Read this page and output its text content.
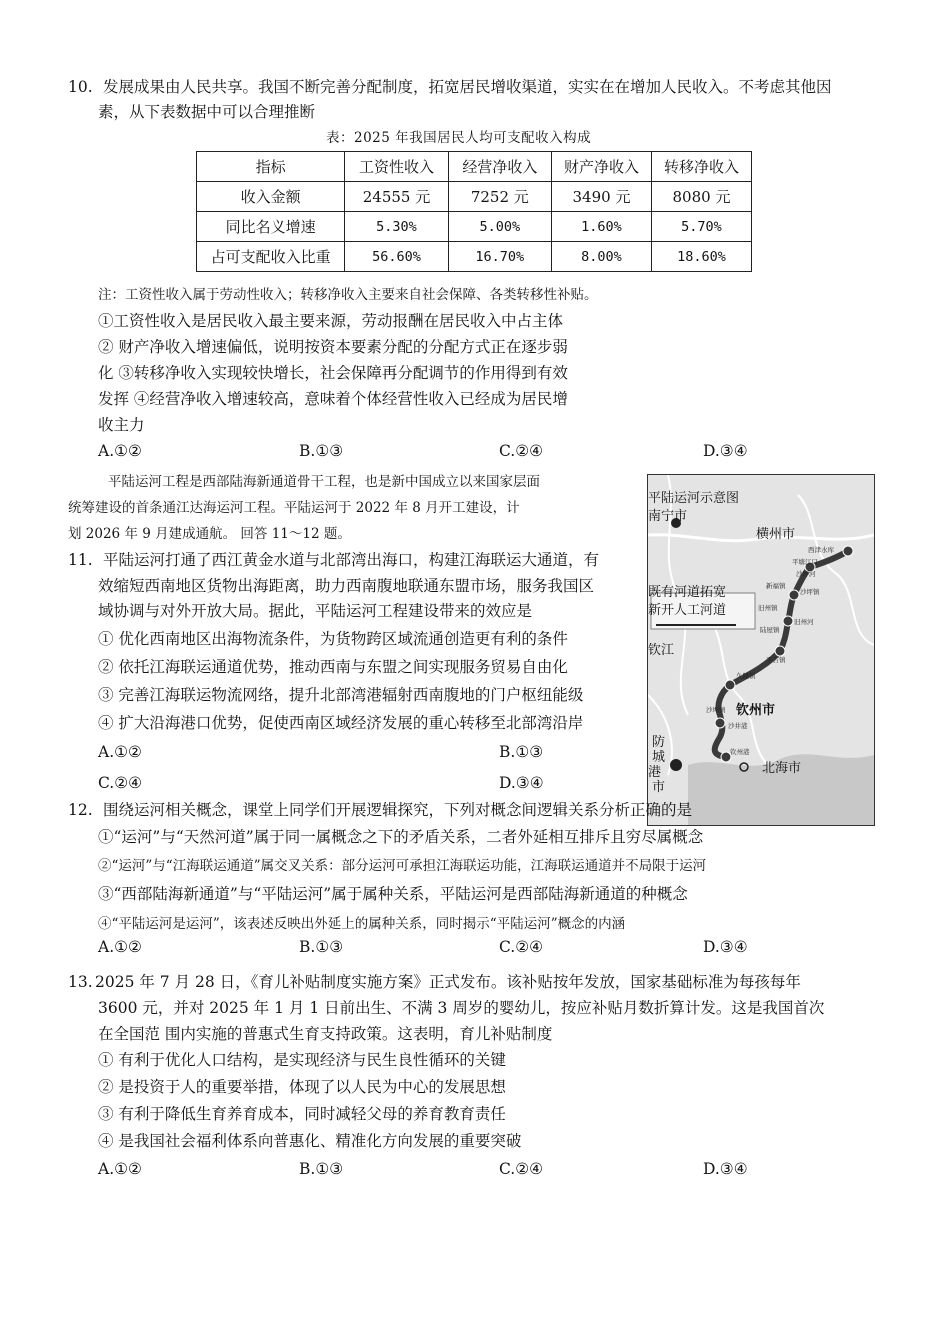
10. 发展成果由人民共享。我国不断完善分配制度，拓宽居民增收渠道，实实在在增加人民收入。不考虑其他因
素，从下表数据中可以合理推断
表：2025 年我国居民人均可支配收入构成
指标	工资性收入	经营净收入	财产净收入	转移净收入
收入金额	24555 元	7252 元	3490 元	8080 元
同比名义增速	5.30%	5.00%	1.60%	5.70%
占可支配收入比重	56.60%	16.70%	8.00%	18.60%
注：工资性收入属于劳动性收入；转移净收入主要来自社会保障、各类转移性补贴。
①工资性收入是居民收入最主要来源，劳动报酬在居民收入中占主体
② 财产净收入增速偏低，说明按资本要素分配的分配方式正在逐步弱
化 ③转移净收入实现较快增长，社会保障再分配调节的作用得到有效
发挥 ④经营净收入增速较高，意味着个体经营性收入已经成为居民增
收主力
A.①②	B.①③	C.②④	D.③④
平陆运河工程是西部陆海新通道骨干工程，也是新中国成立以来国家层面
统筹建设的首条通江达海运河工程。平陆运河于 2022 年 8 月开工建设，计
划 2026 年 9 月建成通航。 回答 11～12 题。
平陆运河示意图
南宁市
横州市
既有河道拓宽
新开人工河道
钦江
钦州市
防
城
港
市
北海市
西津水库
平塘江口
沙坪河
新福镇
沙坪镇
旧州镇
旧州河
陆屋镇
平吉镇
久隆镇
沙埠镇
沙井港
钦州港
11. 平陆运河打通了西江黄金水道与北部湾出海口，构建江海联运大通道，有
效缩短西南地区货物出海距离，助力西南腹地联通东盟市场，服务我国区
域协调与对外开放大局。据此，平陆运河工程建设带来的效应是
① 优化西南地区出海物流条件，为货物跨区域流通创造更有利的条件
② 依托江海联运通道优势，推动西南与东盟之间实现服务贸易自由化
③ 完善江海联运物流网络，提升北部湾港辐射西南腹地的门户枢纽能级
④ 扩大沿海港口优势，促使西南区域经济发展的重心转移至北部湾沿岸
A.①②	B.①③
C.②④	D.③④
12. 围绕运河相关概念，课堂上同学们开展逻辑探究，下列对概念间逻辑关系分析正确的是
①“运河”与“天然河道”属于同一属概念之下的矛盾关系，二者外延相互排斥且穷尽属概念
②“运河”与“江海联运通道”属交叉关系：部分运河可承担江海联运功能，江海联运通道并不局限于运河
③“西部陆海新通道”与“平陆运河”属于属种关系，平陆运河是西部陆海新通道的种概念
④“平陆运河是运河”，该表述反映出外延上的属种关系，同时揭示“平陆运河”概念的内涵
A.①②	B.①③	C.②④	D.③④
13. 2025 年 7 月 28 日，《育儿补贴制度实施方案》正式发布。该补贴按年发放，国家基础标准为每孩每年
3600 元，并对 2025 年 1 月 1 日前出生、不满 3 周岁的婴幼儿，按应补贴月数折算计发。这是我国首次
在全国范 围内实施的普惠式生育支持政策。这表明，育儿补贴制度
① 有利于优化人口结构，是实现经济与民生良性循环的关键
② 是投资于人的重要举措，体现了以人民为中心的发展思想
③ 有利于降低生育养育成本，同时减轻父母的养育教育责任
④ 是我国社会福利体系向普惠化、精准化方向发展的重要突破
A.①②	B.①③	C.②④	D.③④
